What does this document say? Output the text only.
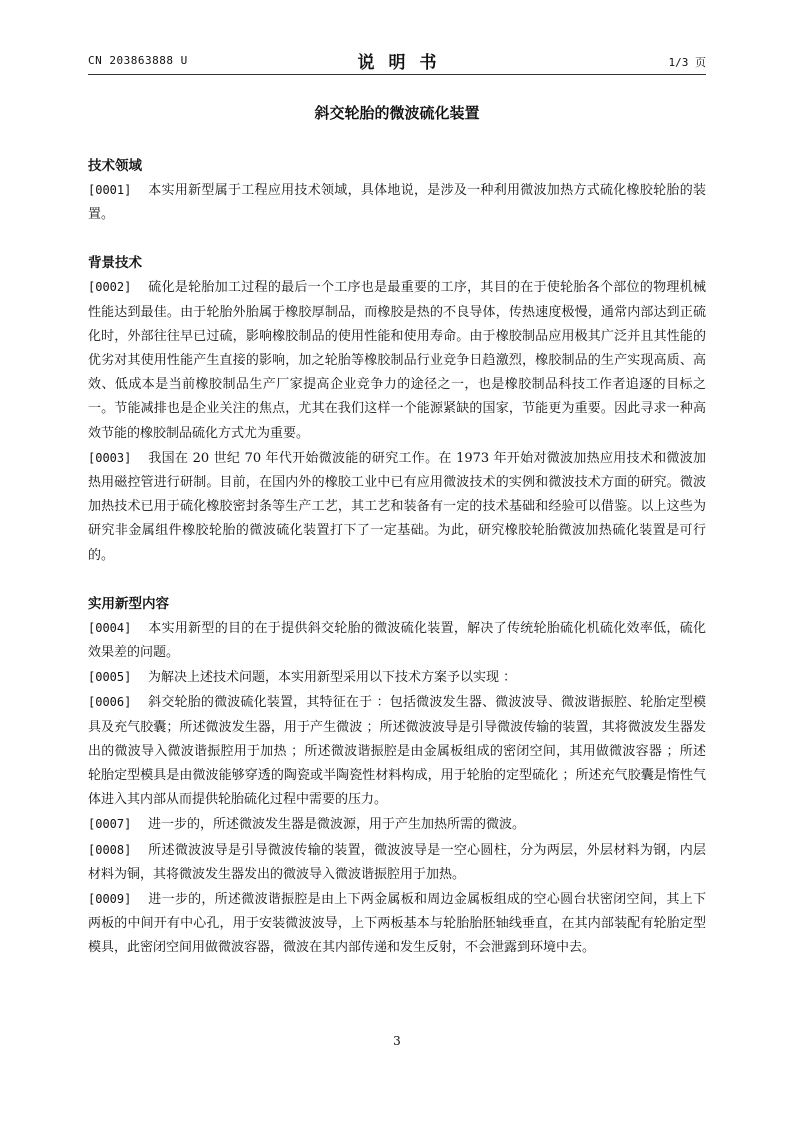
CN 203863888 U	说明书	1/3 页
斜交轮胎的微波硫化装置
技术领域
[0001] 本实用新型属于工程应用技术领域，具体地说，是涉及一种利用微波加热方式硫化橡胶轮胎的装置。
背景技术
[0002] 硫化是轮胎加工过程的最后一个工序也是最重要的工序，其目的在于使轮胎各个部位的物理机械性能达到最佳。由于轮胎外胎属于橡胶厚制品，而橡胶是热的不良导体，传热速度极慢，通常内部达到正硫化时，外部往往早已过硫，影响橡胶制品的使用性能和使用寿命。由于橡胶制品应用极其广泛并且其性能的优劣对其使用性能产生直接的影响，加之轮胎等橡胶制品行业竞争日趋激烈，橡胶制品的生产实现高质、高效、低成本是当前橡胶制品生产厂家提高企业竞争力的途径之一，也是橡胶制品科技工作者追逐的目标之一。节能减排也是企业关注的焦点，尤其在我们这样一个能源紧缺的国家，节能更为重要。因此寻求一种高效节能的橡胶制品硫化方式尤为重要。
[0003] 我国在 20 世纪 70 年代开始微波能的研究工作。在 1973 年开始对微波加热应用技术和微波加热用磁控管进行研制。目前，在国内外的橡胶工业中已有应用微波技术的实例和微波技术方面的研究。微波加热技术已用于硫化橡胶密封条等生产工艺，其工艺和装备有一定的技术基础和经验可以借鉴。以上这些为研究非金属组件橡胶轮胎的微波硫化装置打下了一定基础。为此，研究橡胶轮胎微波加热硫化装置是可行的。
实用新型内容
[0004] 本实用新型的目的在于提供斜交轮胎的微波硫化装置，解决了传统轮胎硫化机硫化效率低，硫化效果差的问题。
[0005] 为解决上述技术问题，本实用新型采用以下技术方案予以实现 ：
[0006] 斜交轮胎的微波硫化装置，其特征在于 ：包括微波发生器、微波波导、微波谐振腔、轮胎定型模具及充气胶囊；所述微波发生器，用于产生微波 ；所述微波波导是引导微波传输的装置，其将微波发生器发出的微波导入微波谐振腔用于加热 ；所述微波谐振腔是由金属板组成的密闭空间，其用做微波容器 ；所述轮胎定型模具是由微波能够穿透的陶瓷或半陶瓷性材料构成，用于轮胎的定型硫化 ；所述充气胶囊是惰性气体进入其内部从而提供轮胎硫化过程中需要的压力。
[0007] 进一步的，所述微波发生器是微波源，用于产生加热所需的微波。
[0008] 所述微波波导是引导微波传输的装置，微波波导是一空心圆柱，分为两层，外层材料为钢，内层材料为铜，其将微波发生器发出的微波导入微波谐振腔用于加热。
[0009] 进一步的，所述微波谐振腔是由上下两金属板和周边金属板组成的空心圆台状密闭空间，其上下两板的中间开有中心孔，用于安装微波波导，上下两板基本与轮胎胎胚轴线垂直，在其内部装配有轮胎定型模具，此密闭空间用做微波容器，微波在其内部传递和发生反射，不会泄露到环境中去。
3
